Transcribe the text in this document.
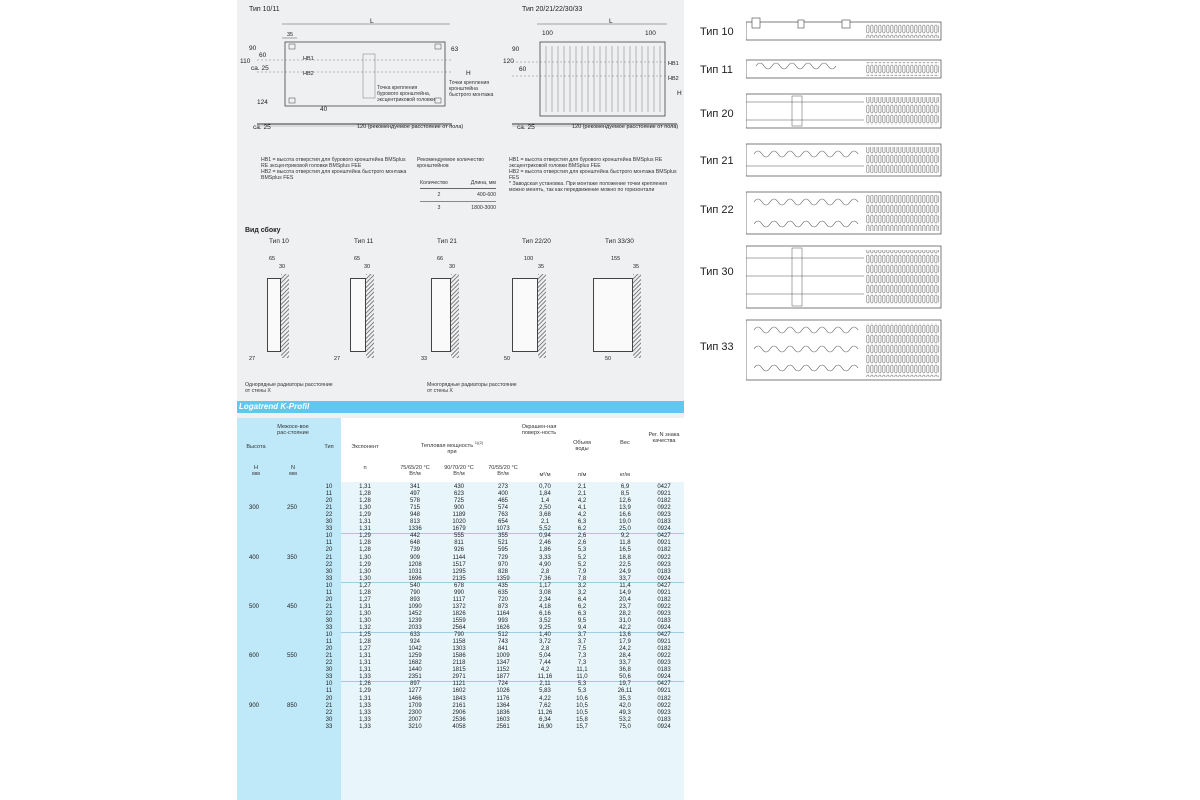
Тип 10/11
L
35
90
60
110
ca. 25
124
ca. 25
40
63
НВ1
НВ2	H
Точка крепления бурового кронштейна, эксцентриковой головки
Точки крепления кронштейна быстрого монтажа
120 (рекомендуемое расстояние от пола)
Тип 20/21/22/30/33
L
100	100
90
120
60
ca. 25
НВ1
НВ2
H
120 (рекомендуемое расстояние от пола)
НВ1 = высота отверстия для бурового кронштейна BMSplus RE эксцентриковой головки BMSplus FEE
НВ2 = высота отверстия для кронштейна быстрого монтажа BMSplus FES
Рекомендуемое количество кронштейнов
Количество	Длина, мм
2	400-600
3	1800-3000
НВ1 = высота отверстия для бурового кронштейна BMSplus RE эксцентриковой головки BMSplus FEE
НВ2 = высота отверстия для кронштейна быстрого монтажа BMSplus FES
* Заводская установка. При монтаже положение точки крепления можно менять, так как передвижение можно по горизонтали
Вид сбоку
Тип 10
65
30
27
Тип 11
65
30
27
Тип 21
66
30
33
Тип 22/20
100
35
50
Тип 33/30
155
35
50
Однорядные радиаторы расстояние от стены X
Многорядные радиаторы расстояние от стены X
Logatrend K-Profil
Высота
Межосе-вое рас-стояние
Тип	Экспонент	Тепловая мощность $^{1)(2)}$
при
Окрашен-ная поверх-ность
Объем воды
Вес
Рег. N знака качества
H
мм
N
мм
n	75/65/20 °C
Вт/м
90/70/20 °C
Вт/м
70/55/20 °C
Вт/м	м²/м	л/м	кг/м
300	250
10	1,31	341	430	273	0,70	2,1	6,9	0427
11	1,28	497	623	400	1,84	2,1	8,5	0921
20	1,28	578	725	465	1,4	4,2	12,6	0182
21	1,30	715	900	574	2,50	4,1	13,9	0922
22	1,29	948	1189	763	3,68	4,2	16,6	0923
30	1,31	813	1020	654	2,1	6,3	19,0	0183
33	1,31	1336	1679	1073	5,52	6,2	25,0	0924
400	350
10	1,29	442	555	355	0,94	2,6	9,2	0427
11	1,28	648	811	521	2,46	2,6	11,8	0921
20	1,28	739	926	595	1,86	5,3	16,5	0182
21	1,30	909	1144	729	3,33	5,2	18,8	0922
22	1,29	1208	1517	970	4,90	5,2	22,5	0923
30	1,30	1031	1295	828	2,8	7,9	24,9	0183
33	1,30	1696	2135	1359	7,36	7,8	33,7	0924
500	450
10	1,27	540	678	435	1,17	3,2	11,4	0427
11	1,28	790	990	635	3,08	3,2	14,9	0921
20	1,27	893	1117	720	2,34	6,4	20,4	0182
21	1,31	1090	1372	873	4,18	6,2	23,7	0922
22	1,30	1452	1826	1164	6,16	6,3	28,2	0923
30	1,30	1239	1559	993	3,52	9,5	31,0	0183
33	1,32	2033	2564	1626	9,25	9,4	42,2	0924
600	550
10	1,25	633	790	512	1,40	3,7	13,6	0427
11	1,28	924	1158	743	3,72	3,7	17,9	0921
20	1,27	1042	1303	841	2,8	7,5	24,2	0182
21	1,31	1259	1586	1009	5,04	7,3	28,4	0922
22	1,31	1682	2118	1347	7,44	7,3	33,7	0923
30	1,31	1440	1815	1152	4,2	11,1	36,8	0183
33	1,33	2351	2971	1877	11,16	11,0	50,6	0924
900	850
10	1,26	897	1121	724	2,11	5,3	19,7	0427
11	1,29	1277	1602	1026	5,83	5,3	26,11	0921
20	1,31	1466	1843	1176	4,22	10,6	35,3	0182
21	1,33	1709	2161	1364	7,62	10,5	42,0	0922
22	1,33	2300	2906	1836	11,26	10,5	49,3	0923
30	1,33	2007	2536	1603	6,34	15,8	53,2	0183
33	1,33	3210	4058	2561	16,90	15,7	75,0	0924
Тип 10
Тип 11
Тип 20
Тип 21
Тип 22
Тип 30
Тип 33
